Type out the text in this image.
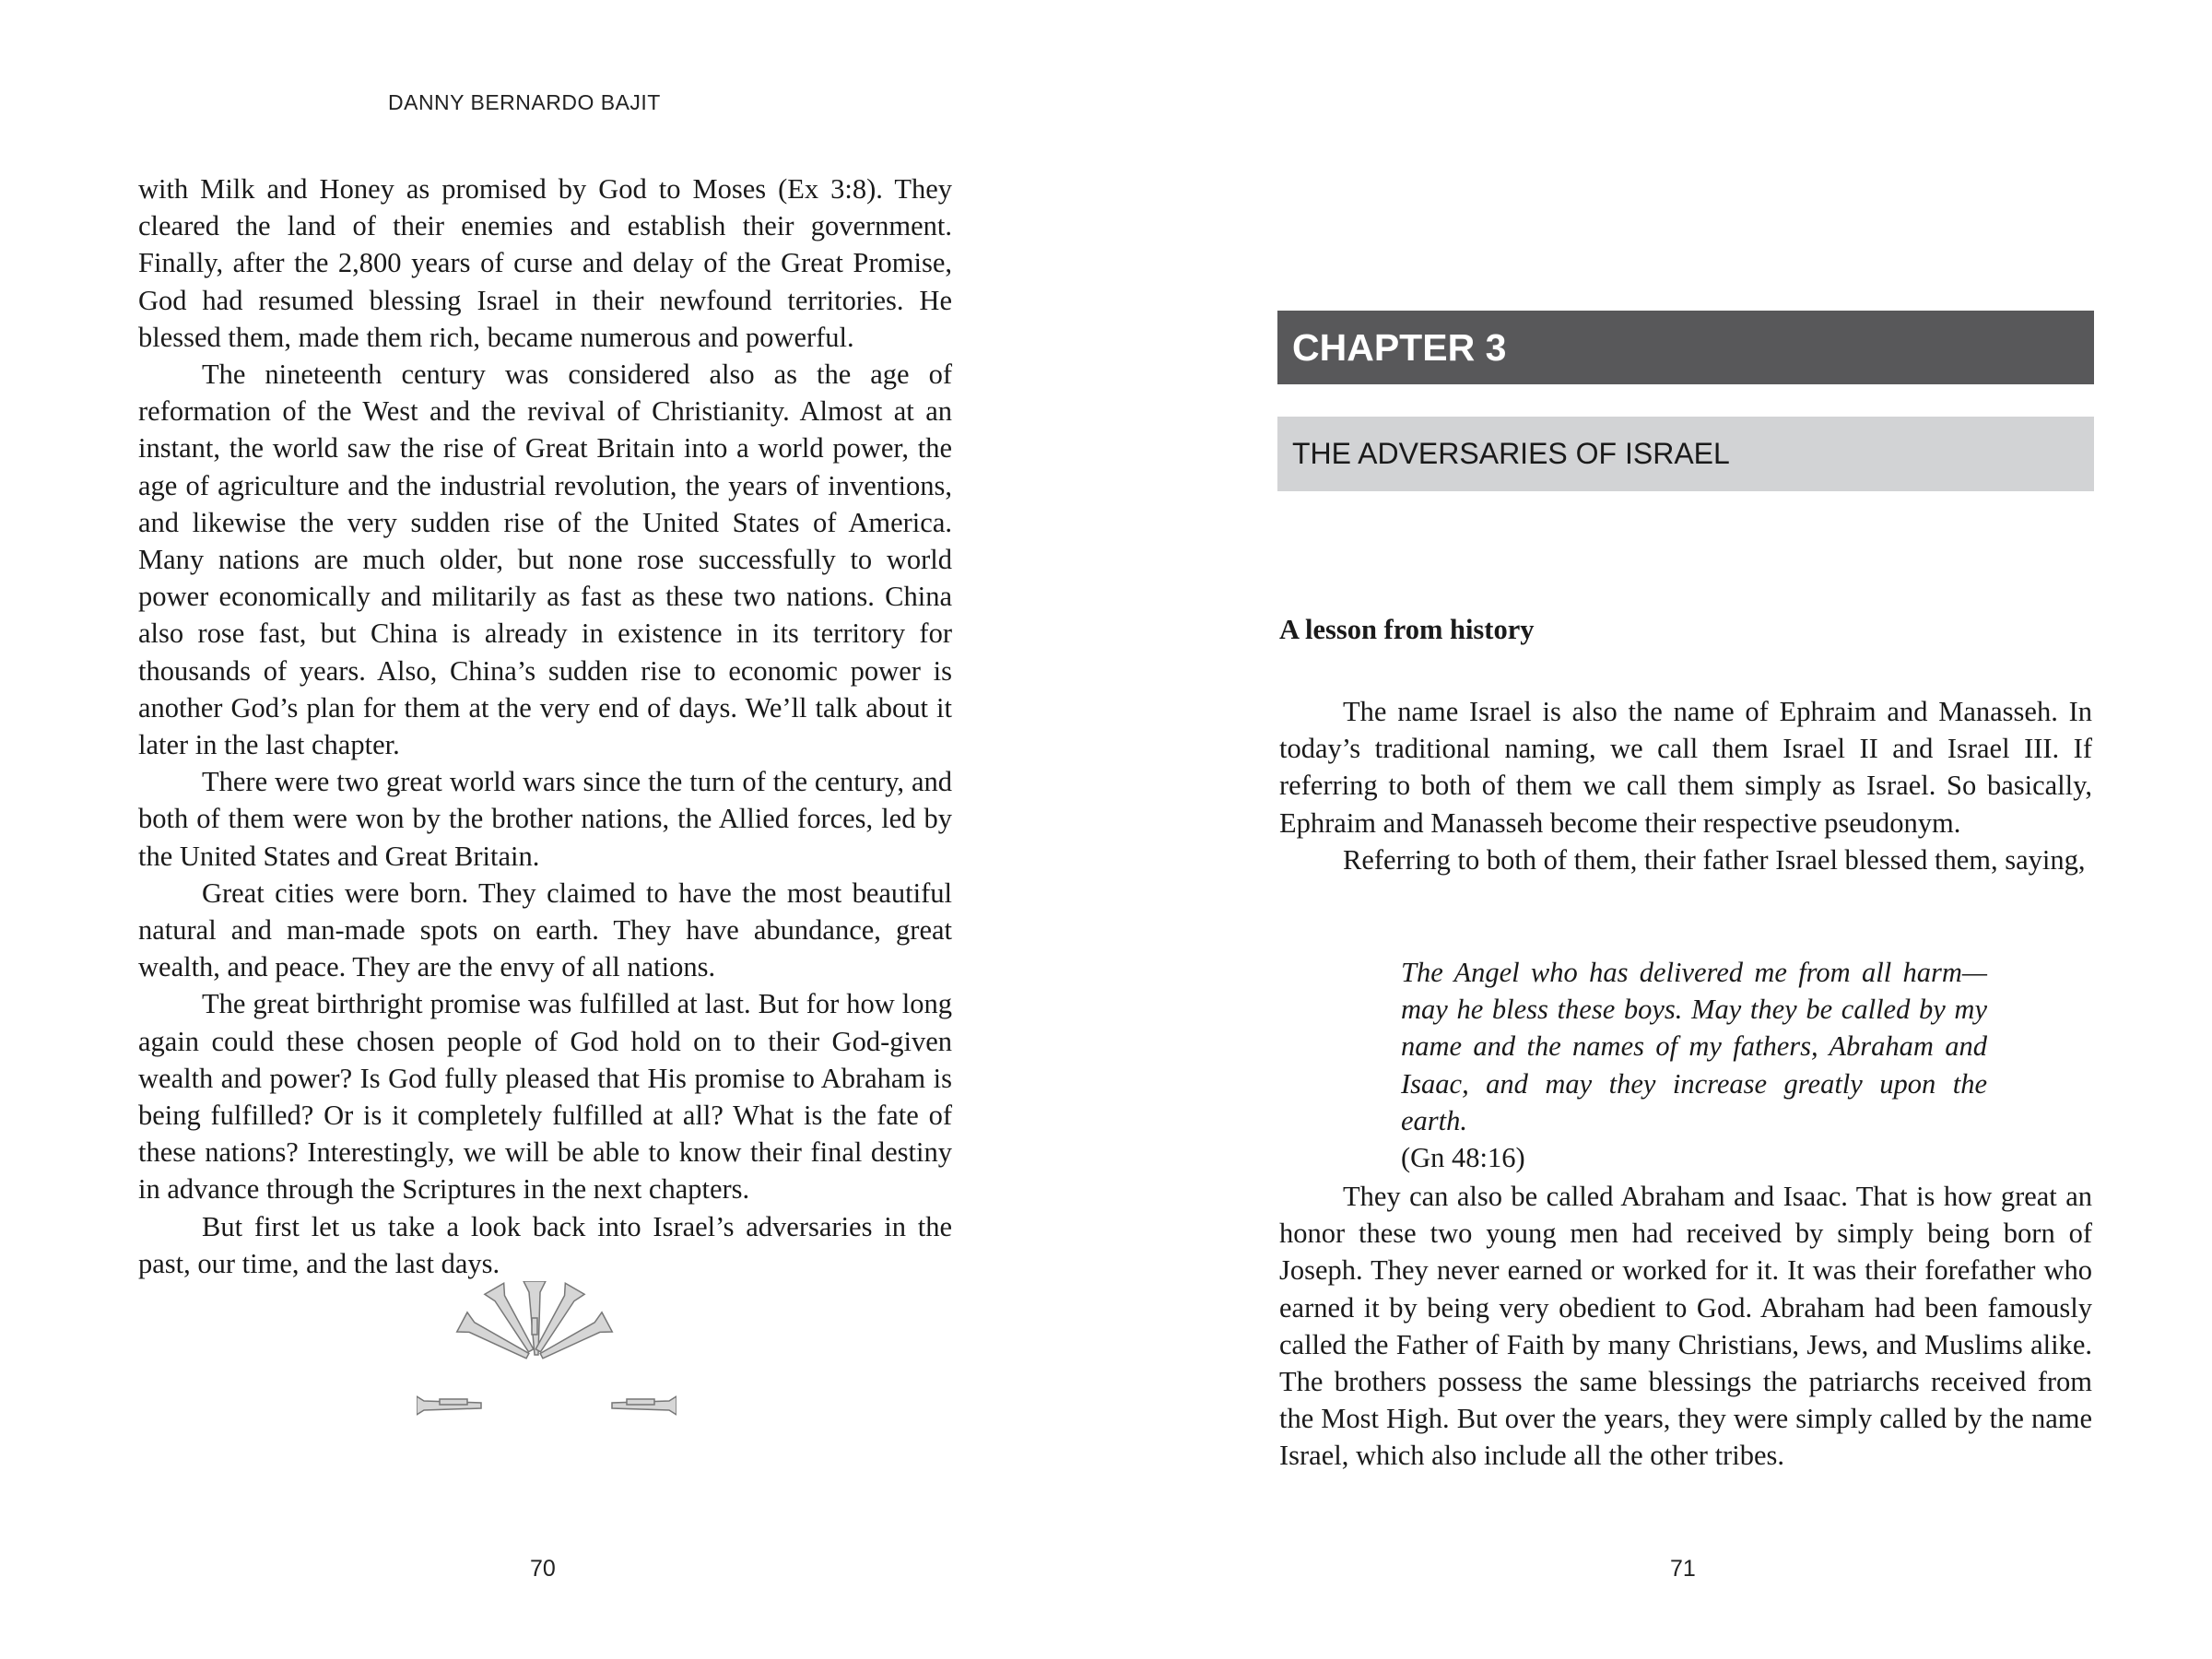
DANNY BERNARDO BAJIT

with Milk and Honey as promised by God to Moses (Ex 3:8). They cleared the land of their enemies and establish their government. Finally, after the 2,800 years of curse and delay of the Great Promise, God had resumed blessing Israel in their newfound territories. He blessed them, made them rich, became numerous and powerful.

The nineteenth century was considered also as the age of reformation of the West and the revival of Christianity. Almost at an instant, the world saw the rise of Great Britain into a world power, the age of agriculture and the industrial revolution, the years of inventions, and likewise the very sudden rise of the United States of America. Many nations are much older, but none rose successfully to world power economically and militarily as fast as these two nations. China also rose fast, but China is already in existence in its territory for thousands of years. Also, China’s sudden rise to economic power is another God’s plan for them at the very end of days. We’ll talk about it later in the last chapter.

There were two great world wars since the turn of the century, and both of them were won by the brother nations, the Allied forces, led by the United States and Great Britain.

Great cities were born. They claimed to have the most beautiful natural and man-made spots on earth. They have abundance, great wealth, and peace. They are the envy of all nations.

The great birthright promise was fulfilled at last. But for how long again could these chosen people of God hold on to their God-given wealth and power? Is God fully pleased that His promise to Abraham is being fulfilled? Or is it completely fulfilled at all? What is the fate of these nations? Interestingly, we will be able to know their final destiny in advance through the Scriptures in the next chapters.

But first let us take a look back into Israel’s adversaries in the past, our time, and the last days.

70
CHAPTER 3
THE ADVERSARIES OF ISRAEL
A lesson from history

The name Israel is also the name of Ephraim and Manasseh. In today’s traditional naming, we call them Israel II and Israel III. If referring to both of them we call them simply as Israel. So basically, Ephraim and Manasseh become their respective pseudonym.

Referring to both of them, their father Israel blessed them, saying,

The Angel who has delivered me from all harm—may he bless these boys. May they be called by my name and the names of my fathers, Abraham and Isaac, and may they increase greatly upon the earth.

(Gn 48:16)

They can also be called Abraham and Isaac. That is how great an honor these two young men had received by simply being born of Joseph. They never earned or worked for it. It was their forefather who earned it by being very obedient to God. Abraham had been famously called the Father of Faith by many Christians, Jews, and Muslims alike. The brothers possess the same blessings the patriarchs received from the Most High. But over the years, they were simply called by the name Israel, which also include all the other tribes.

71
